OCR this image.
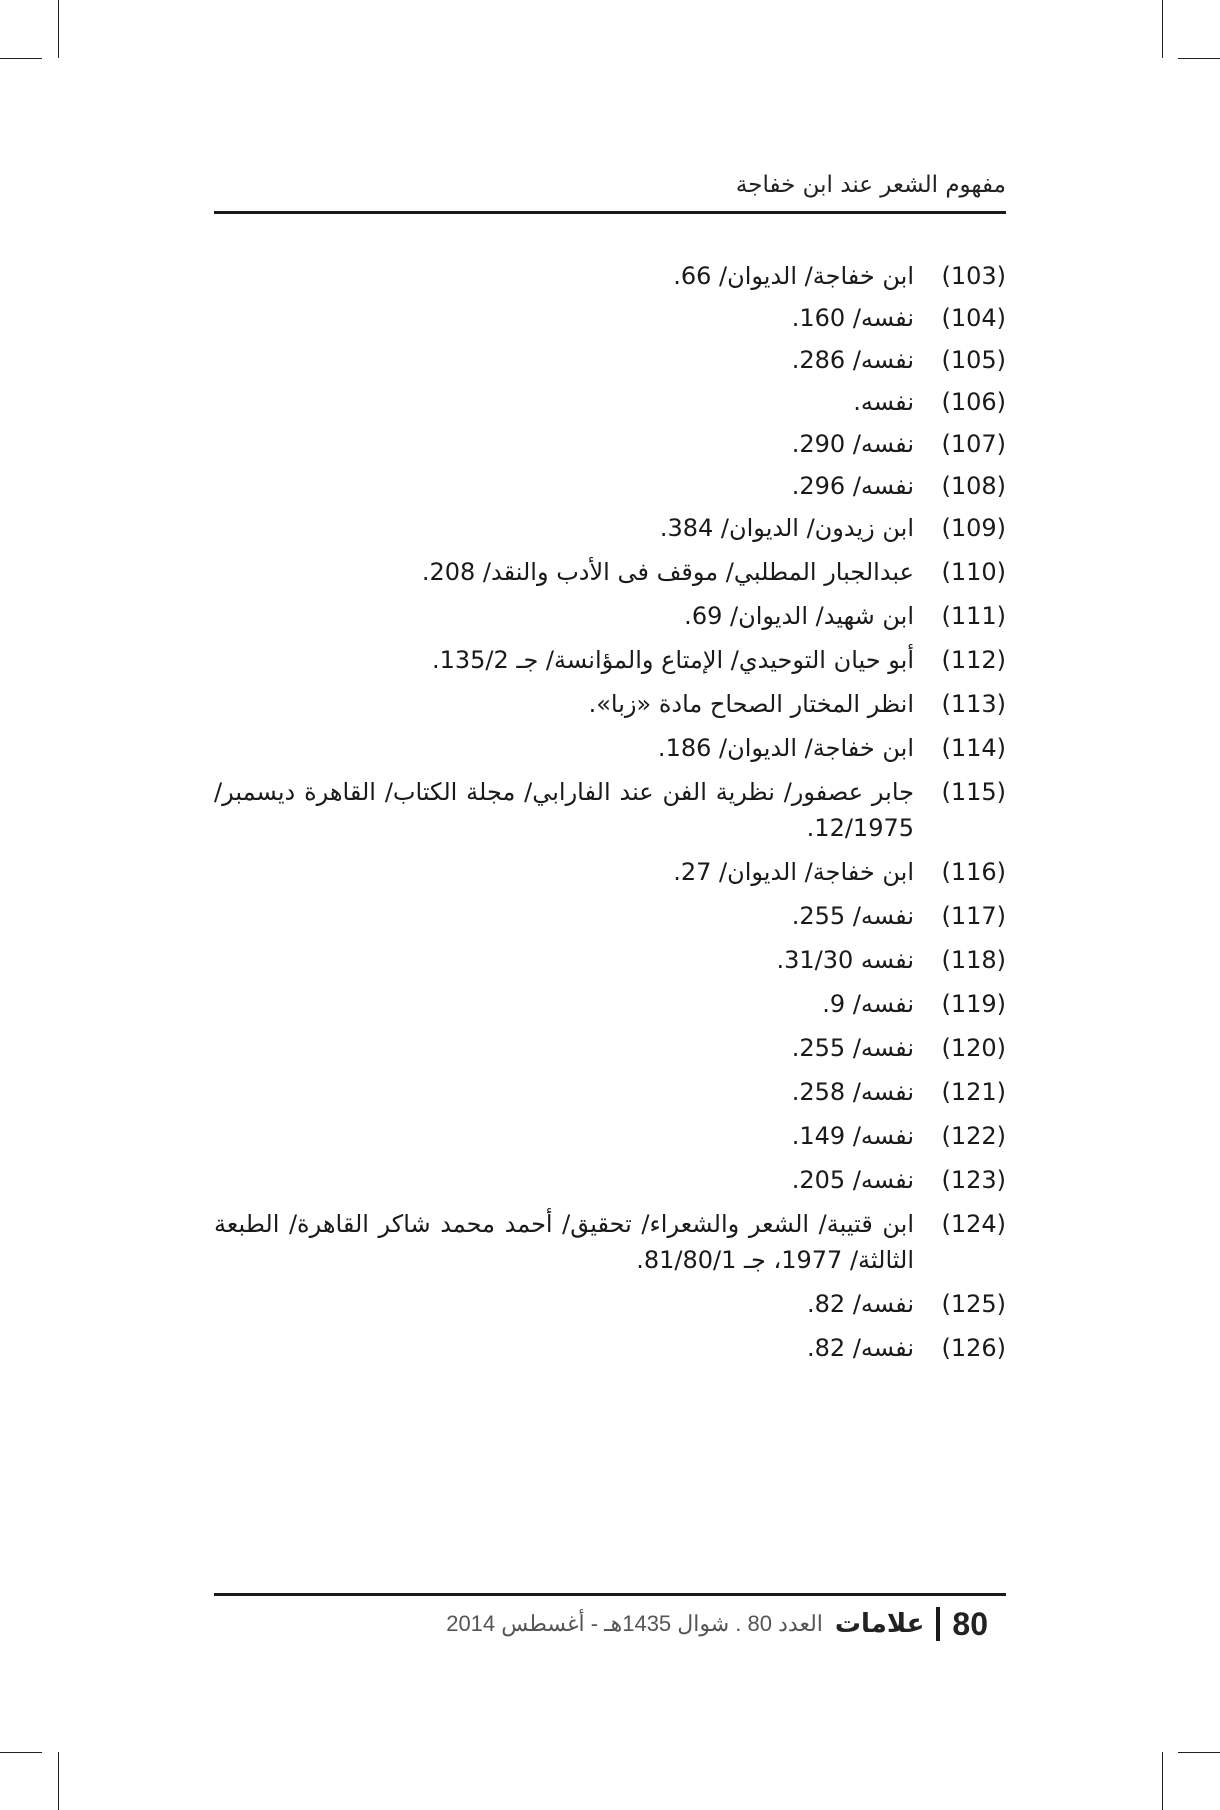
مفهوم الشعر عند ابن خفاجة
(103)
ابن خفاجة/ الديوان/ 66.
(104)
نفسه/ 160.
(105)
نفسه/ 286.
(106)
نفسه.
(107)
نفسه/ 290.
(108)
نفسه/ 296.
(109)
ابن زيدون/ الديوان/ 384.
(110)
عبدالجبار المطلبي/ موقف فى الأدب والنقد/ 208.
(111)
ابن شهيد/ الديوان/ 69.
(112)
أبو حيان التوحيدي/ الإمتاع والمؤانسة/ جـ 135/2.
(113)
انظر المختار الصحاح مادة «زبا».
(114)
ابن خفاجة/ الديوان/ 186.
(115)
جابر عصفور/ نظرية الفن عند الفارابي/ مجلة الكتاب/ القاهرة ديسمبر/ 12/1975.
(116)
ابن خفاجة/ الديوان/ 27.
(117)
نفسه/ 255.
(118)
نفسه 31/30.
(119)
نفسه/ 9.
(120)
نفسه/ 255.
(121)
نفسه/ 258.
(122)
نفسه/ 149.
(123)
نفسه/ 205.
(124)
ابن قتيبة/ الشعر والشعراء/ تحقيق/ أحمد محمد شاكر القاهرة/ الطبعة الثالثة/ 1977، جـ 81/80/1.
(125)
نفسه/ 82.
(126)
نفسه/ 82.
80
علامات
العدد 80 . شوال 1435هـ - أغسطس 2014
